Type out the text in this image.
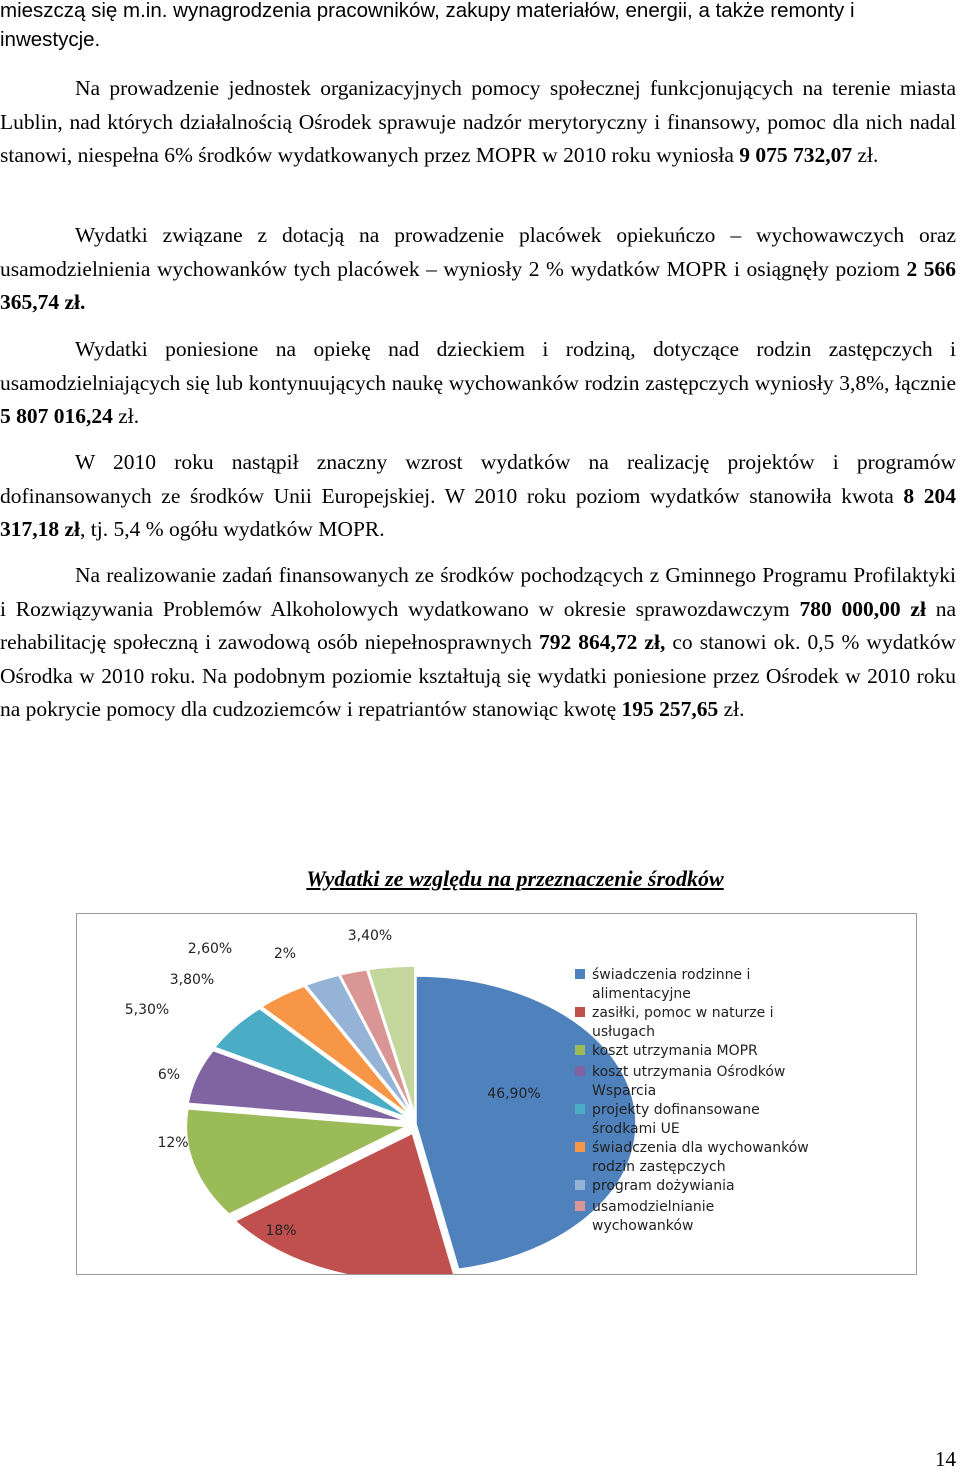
mieszczą się m.in. wynagrodzenia pracowników, zakupy materiałów, energii, a także remonty i inwestycje.

Na prowadzenie jednostek organizacyjnych pomocy społecznej funkcjonujących na terenie miasta Lublin, nad których działalnością Ośrodek sprawuje nadzór merytoryczny i finansowy, pomoc dla nich nadal stanowi, niespełna 6% środków wydatkowanych przez MOPR w 2010 roku wyniosła 9 075 732,07 zł.

Wydatki związane z dotacją na prowadzenie placówek opiekuńczo – wychowawczych oraz usamodzielnienia wychowanków tych placówek – wyniosły 2 % wydatków MOPR i osiągnęły poziom 2 566 365,74 zł.

Wydatki poniesione na opiekę nad dzieckiem i rodziną, dotyczące rodzin zastępczych i usamodzielniających się lub kontynuujących naukę wychowanków rodzin zastępczych wyniosły 3,8%, łącznie 5 807 016,24 zł.

W 2010 roku nastąpił znaczny wzrost wydatków na realizację projektów i programów dofinansowanych ze środków Unii Europejskiej. W 2010 roku poziom wydatków stanowiła kwota 8 204 317,18 zł, tj. 5,4 % ogółu wydatków MOPR.

Na realizowanie zadań finansowanych ze środków pochodzących z Gminnego Programu Profilaktyki i Rozwiązywania Problemów Alkoholowych wydatkowano w okresie sprawozdawczym 780 000,00 zł na rehabilitację społeczną i zawodową osób niepełnosprawnych 792 864,72 zł, co stanowi ok. 0,5 % wydatków Ośrodka w 2010 roku. Na podobnym poziomie kształtują się wydatki poniesione przez Ośrodek w 2010 roku na pokrycie pomocy dla cudzoziemców i repatriantów stanowiąc kwotę 195 257,65 zł.

Wydatki ze względu na przeznaczenie środków
46,90%
18%
12%
6%
5,30%
3,80%
2,60%	2%
3,40%
świadczenia rodzinne i
alimentacyjne
zasiłki, pomoc w naturze i
usługach
koszt utrzymania MOPR
koszt utrzymania Ośrodków
Wsparcia
projekty dofinansowane
środkami UE
świadczenia dla wychowanków
rodzin zastępczych
program dożywiania
usamodzielnianie
wychowanków
14
